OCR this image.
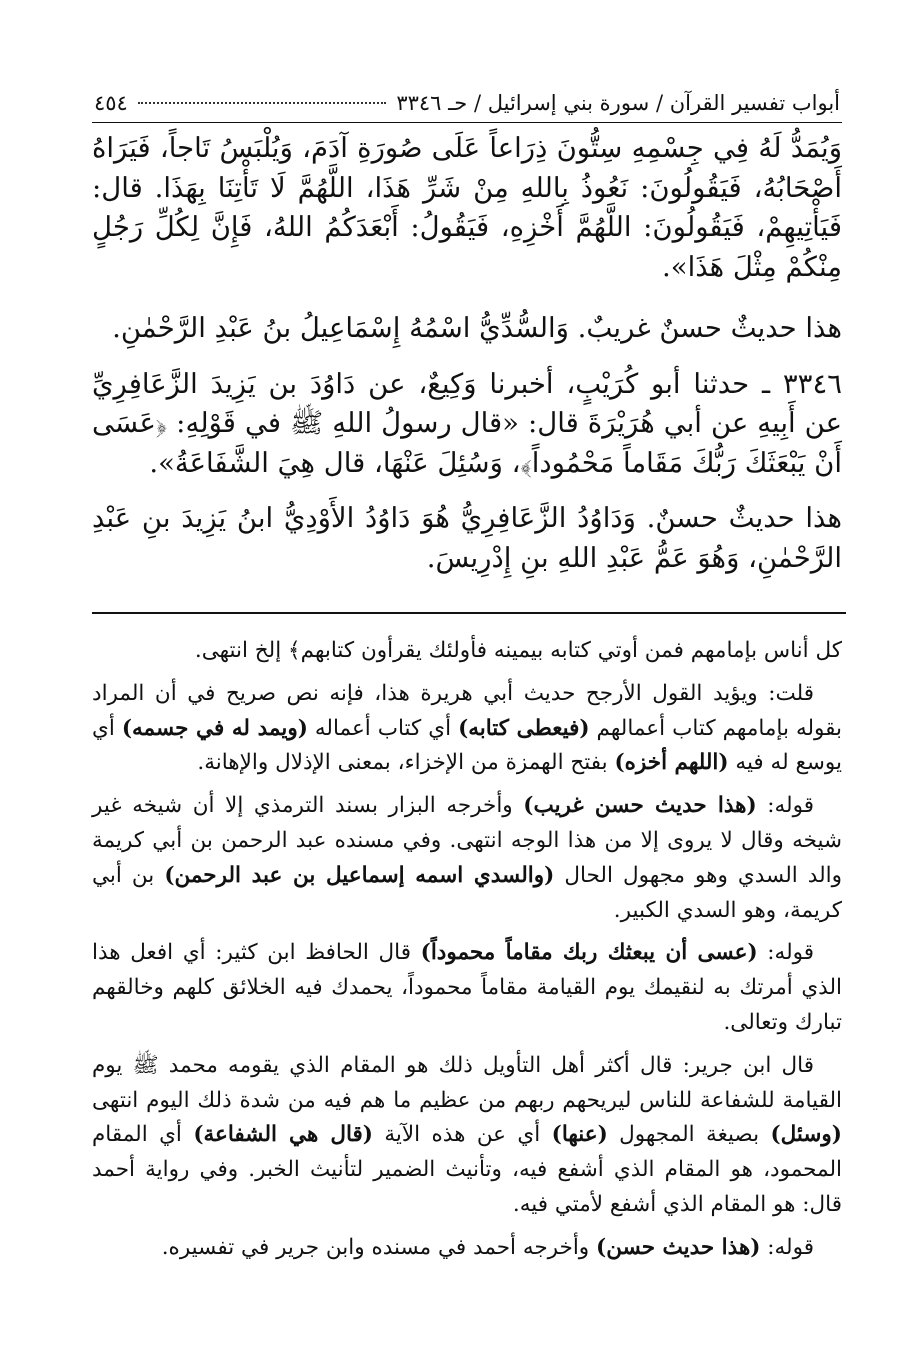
أبواب تفسير القرآن / سورة بني إسرائيل / حـ ٣٣٤٦
٤٥٤

وَيُمَدُّ لَهُ فِي جِسْمِهِ سِتُّونَ ذِرَاعاً عَلَى صُورَةِ آدَمَ، وَيُلْبَسُ تَاجاً، فَيَرَاهُ أَصْحَابُهُ، فَيَقُولُونَ: نَعُوذُ بِاللهِ مِنْ شَرِّ هَذَا، اللَّهُمَّ لَا تَأْتِنَا بِهَذَا. قال: فَيَأْتِيهِمْ، فَيَقُولُونَ: اللَّهُمَّ أَخْزِهِ، فَيَقُولُ: أَبْعَدَكُمُ اللهُ، فَإِنَّ لِكُلِّ رَجُلٍ مِنْكُمْ مِثْلَ هَذَا».

هذا حديثٌ حسنٌ غريبٌ. وَالسُّدِّيُّ اسْمُهُ إِسْمَاعِيلُ بنُ عَبْدِ الرَّحْمٰنِ.

٣٣٤٦ ـ حدثنا أبو كُرَيْبٍ، أخبرنا وَكِيعٌ، عن دَاوُدَ بن يَزِيدَ الزَّعَافِرِيِّ عن أَبِيهِ عن أبي هُرَيْرَةَ قال: «قال رسولُ اللهِ ﷺ في قَوْلِهِ: ﴿عَسَى أَنْ يَبْعَثَكَ رَبُّكَ مَقَاماً مَحْمُوداً﴾، وَسُئِلَ عَنْهَا، قال هِيَ الشَّفَاعَةُ».

هذا حديثٌ حسنٌ. وَدَاوُدُ الزَّعَافِرِيُّ هُوَ دَاوُدُ الأَوْدِيُّ ابنُ يَزِيدَ بنِ عَبْدِ الرَّحْمٰنِ، وَهُوَ عَمُّ عَبْدِ اللهِ بنِ إِدْرِيسَ.

كل أناس بإمامهم فمن أوتي كتابه بيمينه فأولئك يقرأون كتابهم﴾ إلخ انتهى.

قلت: ويؤيد القول الأرجح حديث أبي هريرة هذا، فإنه نص صريح في أن المراد بقوله بإمامهم كتاب أعمالهم (فيعطى كتابه) أي كتاب أعماله (ويمد له في جسمه) أي يوسع له فيه (اللهم أخزه) بفتح الهمزة من الإخزاء، بمعنى الإذلال والإهانة.

قوله: (هذا حديث حسن غريب) وأخرجه البزار بسند الترمذي إلا أن شيخه غير شيخه وقال لا يروى إلا من هذا الوجه انتهى. وفي مسنده عبد الرحمن بن أبي كريمة والد السدي وهو مجهول الحال (والسدي اسمه إسماعيل بن عبد الرحمن) بن أبي كريمة، وهو السدي الكبير.

قوله: (عسى أن يبعثك ربك مقاماً محموداً) قال الحافظ ابن كثير: أي افعل هذا الذي أمرتك به لنقيمك يوم القيامة مقاماً محموداً، يحمدك فيه الخلائق كلهم وخالقهم تبارك وتعالى.

قال ابن جرير: قال أكثر أهل التأويل ذلك هو المقام الذي يقومه محمد ﷺ يوم القيامة للشفاعة للناس ليريحهم ربهم من عظيم ما هم فيه من شدة ذلك اليوم انتهى (وسئل) بصيغة المجهول (عنها) أي عن هذه الآية (قال هي الشفاعة) أي المقام المحمود، هو المقام الذي أشفع فيه، وتأنيث الضمير لتأنيث الخبر. وفي رواية أحمد قال: هو المقام الذي أشفع لأمتي فيه.

قوله: (هذا حديث حسن) وأخرجه أحمد في مسنده وابن جرير في تفسيره.
